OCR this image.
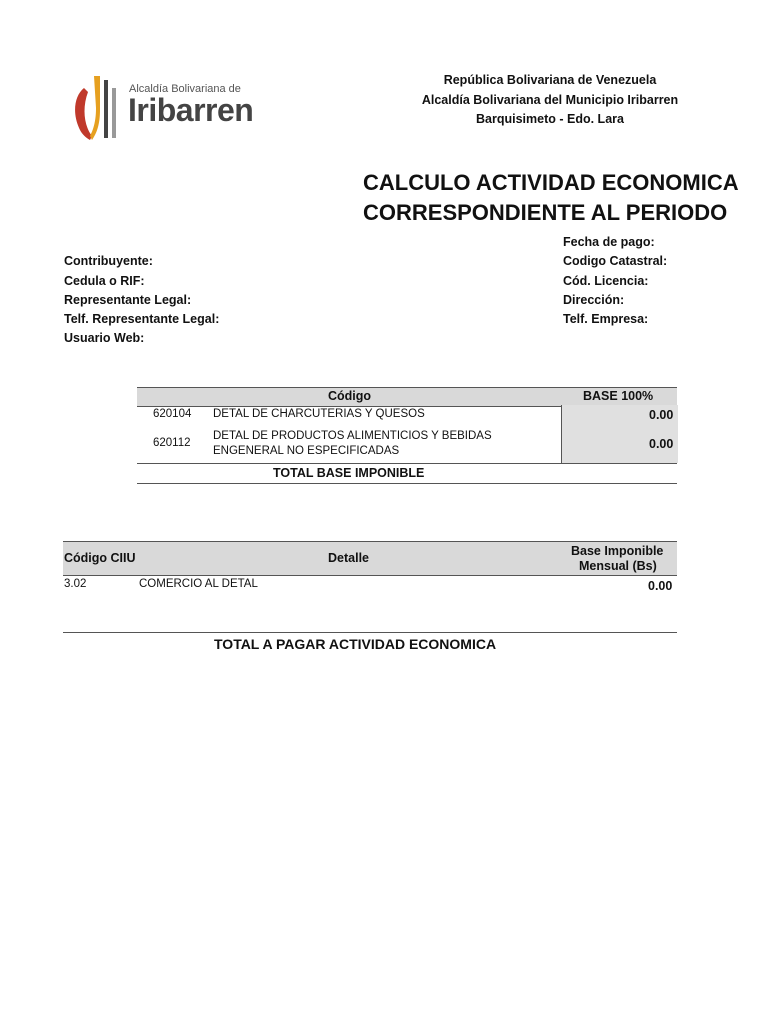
Alcaldía Bolivariana de
Iribarren
República Bolivariana de Venezuela
Alcaldía Bolivariana del Municipio Iribarren
Barquisimeto - Edo. Lara
CALCULO ACTIVIDAD ECONOMICA
CORRESPONDIENTE AL PERIODO
Contribuyente:
Cedula o RIF:
Representante Legal:
Telf. Representante Legal:
Usuario Web:
Fecha de pago:
Codigo Catastral:
Cód. Licencia:
Dirección:
Telf. Empresa:
Código	BASE 100%
620104 DETAL DE CHARCUTERIAS Y QUESOS	0.00
620112
DETAL DE PRODUCTOS ALIMENTICIOS Y BEBIDAS
ENGENERAL NO ESPECIFICADAS	0.00
TOTAL BASE IMPONIBLE
Código CIIU	Detalle	Base Imponible
Mensual (Bs)
3.02	COMERCIO AL DETAL	0.00
TOTAL A PAGAR ACTIVIDAD ECONOMICA
